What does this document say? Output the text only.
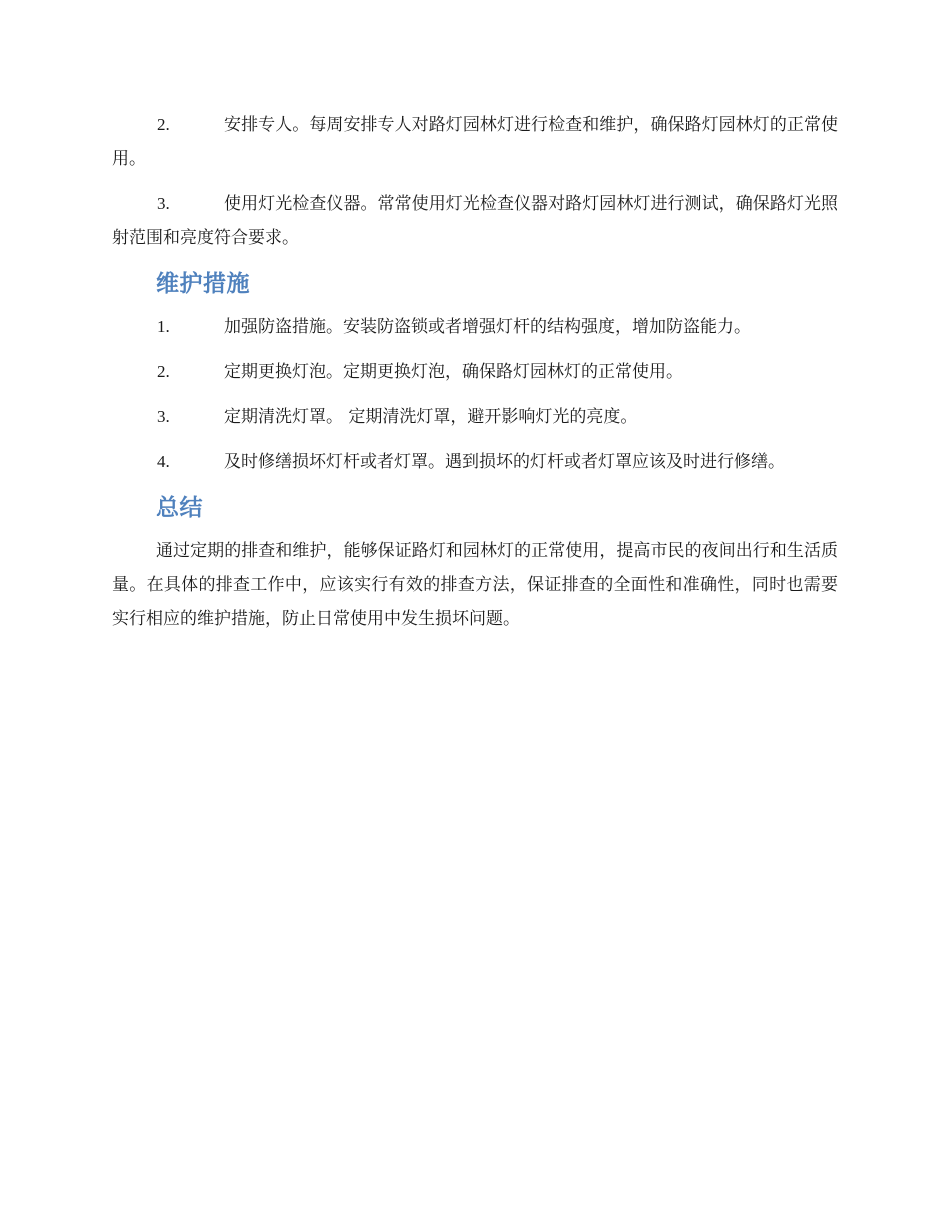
2.	安排专人。每周安排专人对路灯园林灯进行检查和维护，确保路灯园林灯的正常使用。
3.	使用灯光检查仪器。常常使用灯光检查仪器对路灯园林灯进行测试，确保路灯光照射范围和亮度符合要求。
维护措施
1.	加强防盗措施。安装防盗锁或者增强灯杆的结构强度，增加防盗能力。
2.	定期更换灯泡。定期更换灯泡，确保路灯园林灯的正常使用。
3.	定期清洗灯罩。 定期清洗灯罩，避开影响灯光的亮度。
4.	及时修缮损坏灯杆或者灯罩。遇到损坏的灯杆或者灯罩应该及时进行修缮。
总结

通过定期的排查和维护，能够保证路灯和园林灯的正常使用，提高市民的夜间出行和生活质量。在具体的排查工作中，应该实行有效的排查方法，保证排查的全面性和准确性，同时也需要实行相应的维护措施，防止日常使用中发生损坏问题。
